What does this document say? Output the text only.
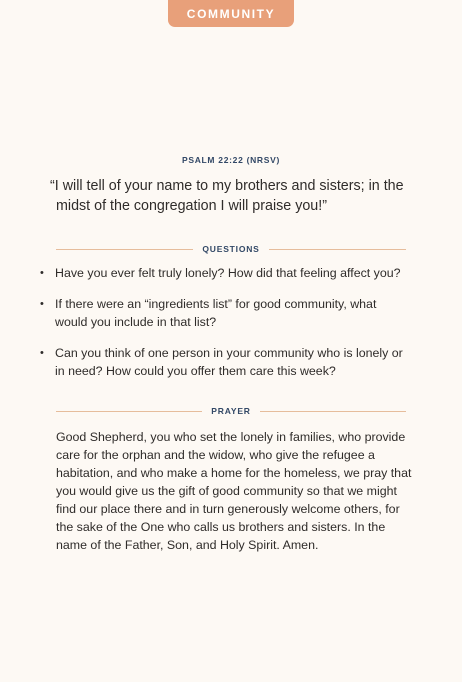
COMMUNITY
PSALM 22:22 (NRSV)
“I will tell of your name to my brothers and sisters; in the
midst of the congregation I will praise you!”
QUESTIONS
• Have you ever felt truly lonely? How did that feeling affect you?
• If there were an “ingredients list” for good community, what would you include in that list?
• Can you think of one person in your community who is lonely or in need? How could you offer them care this week?
PRAYER
Good Shepherd, you who set the lonely in families, who provide care for the orphan and the widow, who give the refugee a habitation, and who make a home for the homeless, we pray that you would give us the gift of good community so that we might find our place there and in turn generously welcome others, for the sake of the One who calls us brothers and sisters. In the name of the Father, Son, and Holy Spirit. Amen.
